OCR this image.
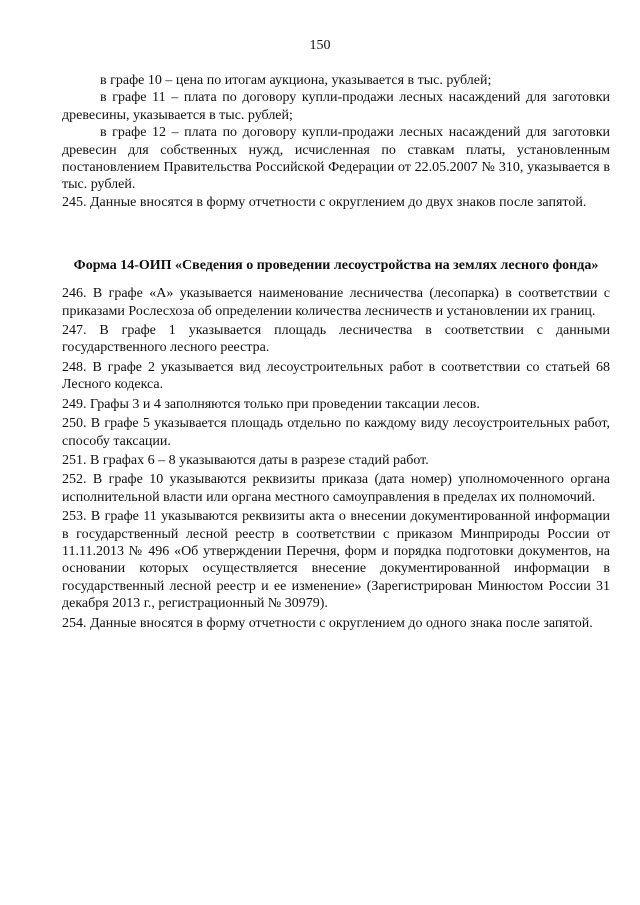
150

в графе 10 – цена по итогам аукциона, указывается в тыс. рублей;

в графе 11 – плата по договору купли-продажи лесных насаждений для заготовки древесины, указывается в тыс. рублей;

в графе 12 – плата по договору купли-продажи лесных насаждений для заготовки древесин для собственных нужд, исчисленная по ставкам платы, установленным постановлением Правительства Российской Федерации от 22.05.2007 № 310, указывается в тыс. рублей.

245. Данные вносятся в форму отчетности с округлением до двух знаков после запятой.

Форма 14-ОИП «Сведения о проведении лесоустройства на землях лесного фонда»

246. В графе «А» указывается наименование лесничества (лесопарка) в соответствии с приказами Рослесхоза об определении количества лесничеств и установлении их границ.

247. В графе 1 указывается площадь лесничества в соответствии с данными государственного лесного реестра.

248. В графе 2 указывается вид лесоустроительных работ в соответствии со статьей 68 Лесного кодекса.

249. Графы 3 и 4 заполняются только при проведении таксации лесов.

250. В графе 5 указывается площадь отдельно по каждому виду лесоустроительных работ, способу таксации.

251. В графах 6 – 8 указываются даты в разрезе стадий работ.

252. В графе 10 указываются реквизиты приказа (дата номер) уполномоченного органа исполнительной власти или органа местного самоуправления в пределах их полномочий.

253. В графе 11 указываются реквизиты акта о внесении документированной информации в государственный лесной реестр в соответствии с приказом Минприроды России от 11.11.2013 № 496 «Об утверждении Перечня, форм и порядка подготовки документов, на основании которых осуществляется внесение документированной информации в государственный лесной реестр и ее изменение» (Зарегистрирован Минюстом России 31 декабря 2013 г., регистрационный № 30979).

254. Данные вносятся в форму отчетности с округлением до одного знака после запятой.
